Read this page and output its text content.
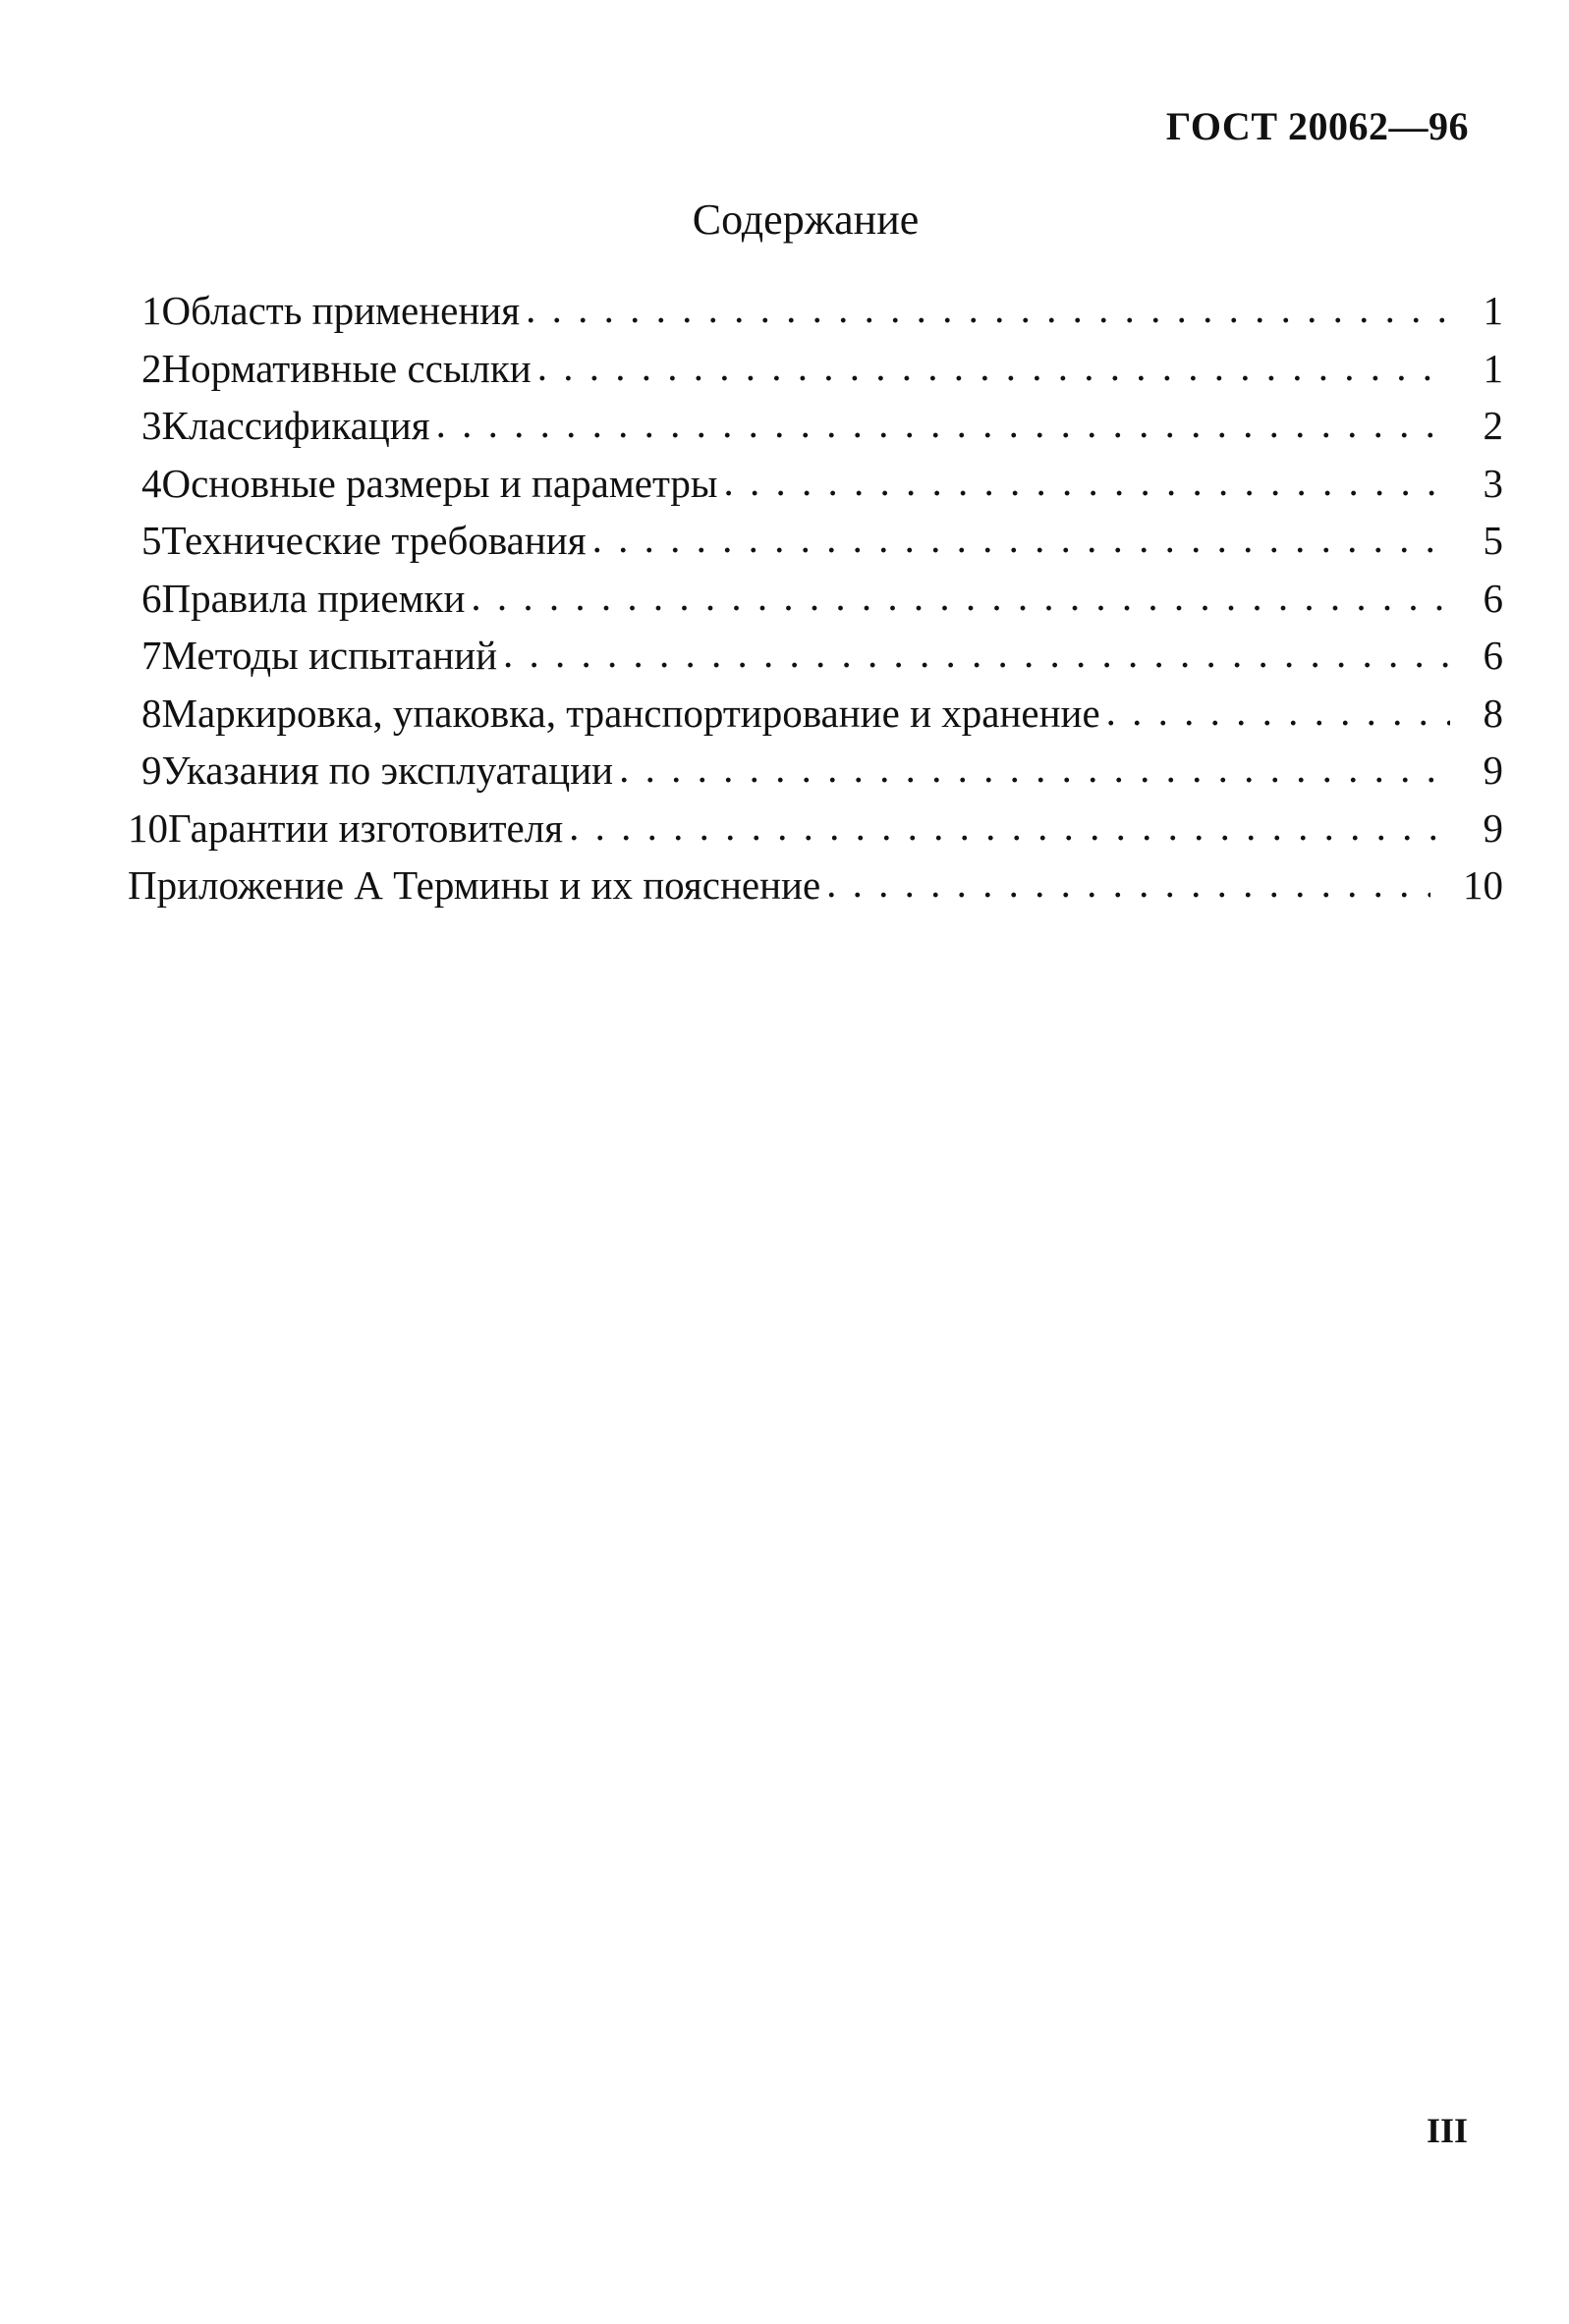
ГОСТ 20062—96
Содержание
1 Область применения . . .	1
2 Нормативные ссылки . . .	1
3 Классификация . . .	2
4 Основные размеры и параметры . . .	3
5 Технические требования . . .	5
6 Правила приемки . . .	6
7 Методы испытаний . . .	6
8 Маркировка, упаковка, транспортирование и хранение . . .	8
9 Указания по эксплуатации . . .	9
10 Гарантии изготовителя . . .	9
Приложение А Термины и их пояснение . . .	10
III
